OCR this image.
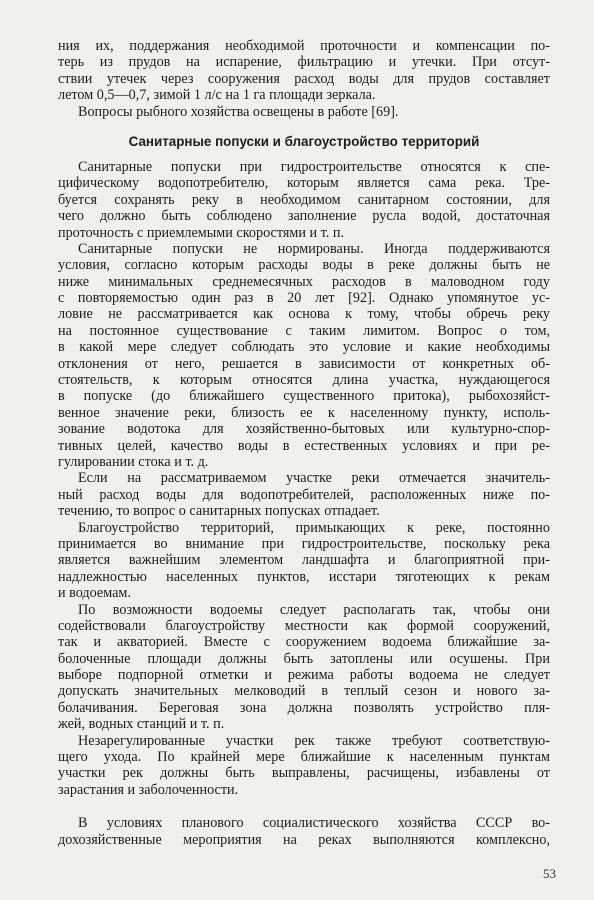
ния их, поддержания необходимой проточности и компенсации по-
терь из прудов на испарение, фильтрацию и утечки. При отсут-
ствии утечек через сооружения расход воды для прудов составляет
летом 0,5—0,7, зимой 1 л/с на 1 га площади зеркала.
Вопросы рыбного хозяйства освещены в работе [69].
Санитарные попуски и благоустройство территорий
Санитарные попуски при гидростроительстве относятся к спе-
цифическому водопотребителю, которым является сама река. Тре-
буется сохранять реку в необходимом санитарном состоянии, для
чего должно быть соблюдено заполнение русла водой, достаточная
проточность с приемлемыми скоростями и т. п.
Санитарные попуски не нормированы. Иногда поддерживаются
условия, согласно которым расходы воды в реке должны быть не
ниже минимальных среднемесячных расходов в маловодном году
с повторяемостью один раз в 20 лет [92]. Однако упомянутое ус-
ловие не рассматривается как основа к тому, чтобы обречь реку
на постоянное существование с таким лимитом. Вопрос о том,
в какой мере следует соблюдать это условие и какие необходимы
отклонения от него, решается в зависимости от конкретных об-
стоятельств, к которым относятся длина участка, нуждающегося
в попуске (до ближайшего существенного притока), рыбохозяйст-
венное значение реки, близость ее к населенному пункту, исполь-
зование водотока для хозяйственно-бытовых или культурно-спор-
тивных целей, качество воды в естественных условиях и при ре-
гулировании стока и т. д.
Если на рассматриваемом участке реки отмечается значитель-
ный расход воды для водопотребителей, расположенных ниже по-
течению, то вопрос о санитарных попусках отпадает.
Благоустройство территорий, примыкающих к реке, постоянно
принимается во внимание при гидростроительстве, поскольку река
является важнейшим элементом ландшафта и благоприятной при-
надлежностью населенных пунктов, исстари тяготеющих к рекам
и водоемам.
По возможности водоемы следует располагать так, чтобы они
содействовали благоустройству местности как формой сооружений,
так и акваторией. Вместе с сооружением водоема ближайшие за-
болоченные площади должны быть затоплены или осушены. При
выборе подпорной отметки и режима работы водоема не следует
допускать значительных мелководий в теплый сезон и нового за-
болачивания. Береговая зона должна позволять устройство пля-
жей, водных станций и т. п.
Незарегулированные участки рек также требуют соответствую-
щего ухода. По крайней мере ближайшие к населенным пунктам
участки рек должны быть выправлены, расчищены, избавлены от
зарастания и заболоченности.
В условиях планового социалистического хозяйства СССР во-
дохозяйственные мероприятия на реках выполняются комплексно,
53
